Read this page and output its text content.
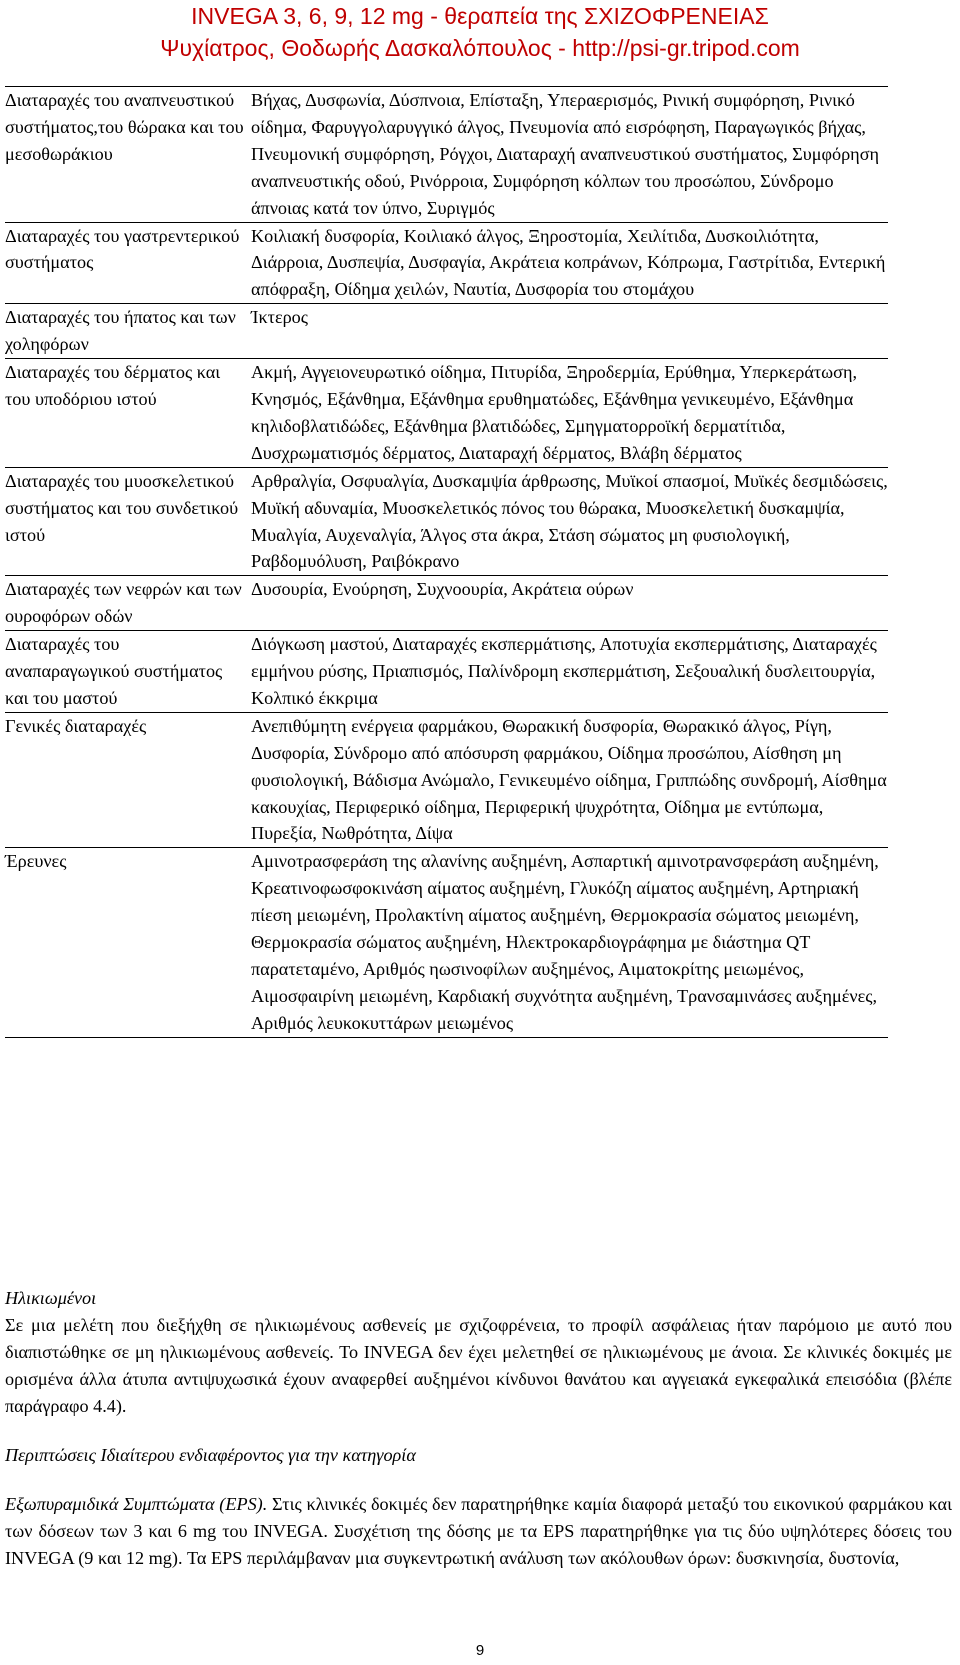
INVEGA 3, 6, 9, 12 mg - θεραπεία της ΣΧΙΖΟΦΡΕΝΕΙΑΣ
Ψυχίατρος, Θοδωρής Δασκαλόπουλος - http://psi-gr.tripod.com
Διαταραχές του αναπνευστικού συστήματος,του θώρακα και του μεσοθωράκιου	Βήχας, Δυσφωνία, Δύσπνοια, Επίσταξη, Υπεραερισμός, Ρινική συμφόρηση, Ρινικό οίδημα, Φαρυγγολαρυγγικό άλγος, Πνευμονία από εισρόφηση, Παραγωγικός βήχας, Πνευμονική συμφόρηση, Ρόγχοι, Διαταραχή αναπνευστικού συστήματος, Συμφόρηση αναπνευστικής οδού, Ρινόρροια, Συμφόρηση κόλπων του προσώπου, Σύνδρομο άπνοιας κατά τον ύπνο, Συριγμός
Διαταραχές του γαστρεντερικού συστήματος	Κοιλιακή δυσφορία, Κοιλιακό άλγος, Ξηροστομία, Χειλίτιδα, Δυσκοιλιότητα, Διάρροια, Δυσπεψία, Δυσφαγία, Ακράτεια κοπράνων, Κόπρωμα, Γαστρίτιδα, Εντερική απόφραξη, Οίδημα χειλών, Ναυτία, Δυσφορία του στομάχου
Διαταραχές του ήπατος και των χοληφόρων	Ίκτερος
Διαταραχές του δέρματος και του υποδόριου ιστού	Ακμή, Αγγειονευρωτικό οίδημα, Πιτυρίδα, Ξηροδερμία, Ερύθημα, Υπερκεράτωση, Κνησμός, Εξάνθημα, Εξάνθημα ερυθηματώδες, Εξάνθημα γενικευμένο, Εξάνθημα κηλιδοβλατιδώδες, Εξάνθημα βλατιδώδες, Σμηγματορροϊκή δερματίτιδα, Δυσχρωματισμός δέρματος, Διαταραχή δέρματος, Βλάβη δέρματος
Διαταραχές του μυοσκελετικού συστήματος και του συνδετικού ιστού	Αρθραλγία, Οσφυαλγία, Δυσκαμψία άρθρωσης, Μυϊκοί σπασμοί, Μυϊκές δεσμιδώσεις, Μυϊκή αδυναμία, Μυοσκελετικός πόνος του θώρακα, Μυοσκελετική δυσκαμψία, Μυαλγία, Αυχεναλγία, Άλγος στα άκρα, Στάση σώματος μη φυσιολογική, Ραβδομυόλυση, Ραιβόκρανο
Διαταραχές των νεφρών και των ουροφόρων οδών	Δυσουρία, Ενούρηση, Συχνοουρία, Ακράτεια ούρων
Διαταραχές του αναπαραγωγικού συστήματος και του μαστού	Διόγκωση μαστού, Διαταραχές εκσπερμάτισης, Αποτυχία εκσπερμάτισης, Διαταραχές εμμήνου ρύσης, Πριαπισμός, Παλίνδρομη εκσπερμάτιση, Σεξουαλική δυσλειτουργία, Κολπικό έκκριμα
Γενικές διαταραχές	Ανεπιθύμητη ενέργεια φαρμάκου, Θωρακική δυσφορία, Θωρακικό άλγος, Ρίγη, Δυσφορία, Σύνδρομο από απόσυρση φαρμάκου, Οίδημα προσώπου, Αίσθηση μη φυσιολογική, Βάδισμα Ανώμαλο, Γενικευμένο οίδημα, Γριππώδης συνδρομή, Αίσθημα κακουχίας, Περιφερικό οίδημα, Περιφερική ψυχρότητα, Οίδημα με εντύπωμα, Πυρεξία, Νωθρότητα, Δίψα
Έρευνες	Αμινοτρασφεράση της αλανίνης αυξημένη, Ασπαρτική αμινοτρανσφεράση αυξημένη, Κρεατινοφωσφοκινάση αίματος αυξημένη, Γλυκόζη αίματος αυξημένη, Αρτηριακή πίεση μειωμένη, Προλακτίνη αίματος αυξημένη, Θερμοκρασία σώματος μειωμένη, Θερμοκρασία σώματος αυξημένη, Ηλεκτροκαρδιογράφημα με διάστημα QT παρατεταμένο, Αριθμός ηωσινοφίλων αυξημένος, Αιματοκρίτης μειωμένος, Αιμοσφαιρίνη μειωμένη, Καρδιακή συχνότητα αυξημένη, Τρανσαμινάσες αυξημένες, Αριθμός λευκοκυττάρων μειωμένος

Ηλικιωμένοι

Σε μια μελέτη που διεξήχθη σε ηλικιωμένους ασθενείς με σχιζοφρένεια, το προφίλ ασφάλειας ήταν παρόμοιο με αυτό που διαπιστώθηκε σε μη ηλικιωμένους ασθενείς. Το INVEGA δεν έχει μελετηθεί σε ηλικιωμένους με άνοια. Σε κλινικές δοκιμές με ορισμένα άλλα άτυπα αντιψυχωσικά έχουν αναφερθεί αυξημένοι κίνδυνοι θανάτου και αγγειακά εγκεφαλικά επεισόδια (βλέπε παράγραφο 4.4).

Περιπτώσεις Ιδιαίτερου ενδιαφέροντος για την κατηγορία

Εξωπυραμιδικά Συμπτώματα (EPS). Στις κλινικές δοκιμές δεν παρατηρήθηκε καμία διαφορά μεταξύ του εικονικού φαρμάκου και των δόσεων των 3 και 6 mg του INVEGA. Συσχέτιση της δόσης με τα EPS παρατηρήθηκε για τις δύο υψηλότερες δόσεις του INVEGA (9 και 12 mg). Τα EPS περιλάμβαναν μια συγκεντρωτική ανάλυση των ακόλουθων όρων: δυσκινησία, δυστονία,

9
